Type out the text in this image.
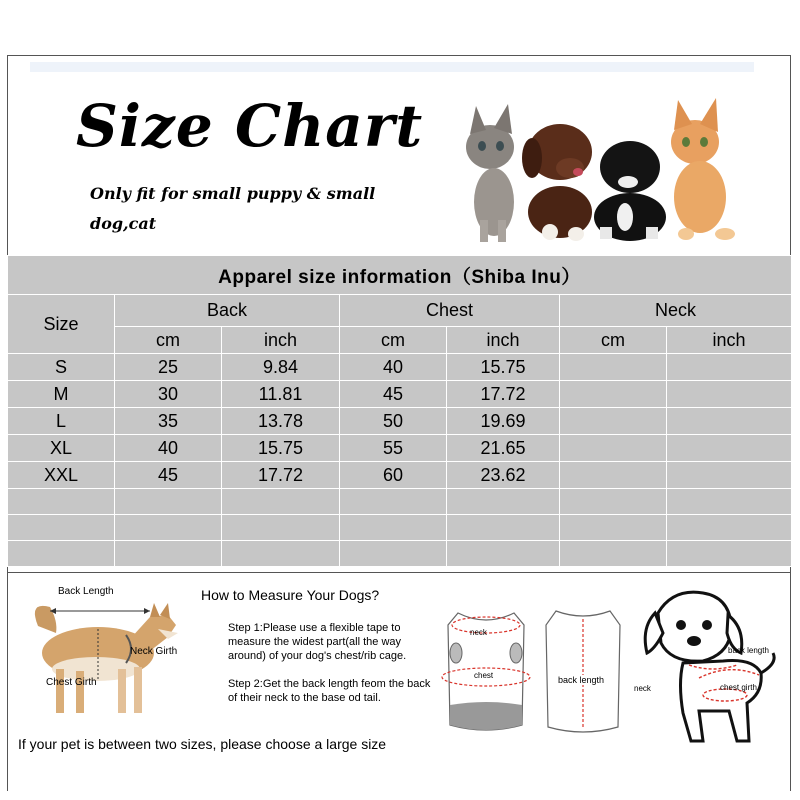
Size Chart
Only fit for small puppy & small dog,cat
Apparel size information（Shiba Inu）						
Size	Back		Chest		Neck	
	cm	inch	cm	inch	cm	inch
S	25	9.84	40	15.75		
M	30	11.81	45	17.72		
L	35	13.78	50	19.69		
XL	40	15.75	55	21.65		
XXL	45	17.72	60	23.62		

Back Length
Neck Girth
Chest Girth
How to Measure Your Dogs?
Step 1:Please use a flexible tape to measure the widest part(all the way around) of your dog's chest/rib cage.
Step 2:Get the back length feom the back of their neck to the base od tail.
neck
chest	back length
back length
neck	chest girth
If your pet is between two sizes, please choose a large size
